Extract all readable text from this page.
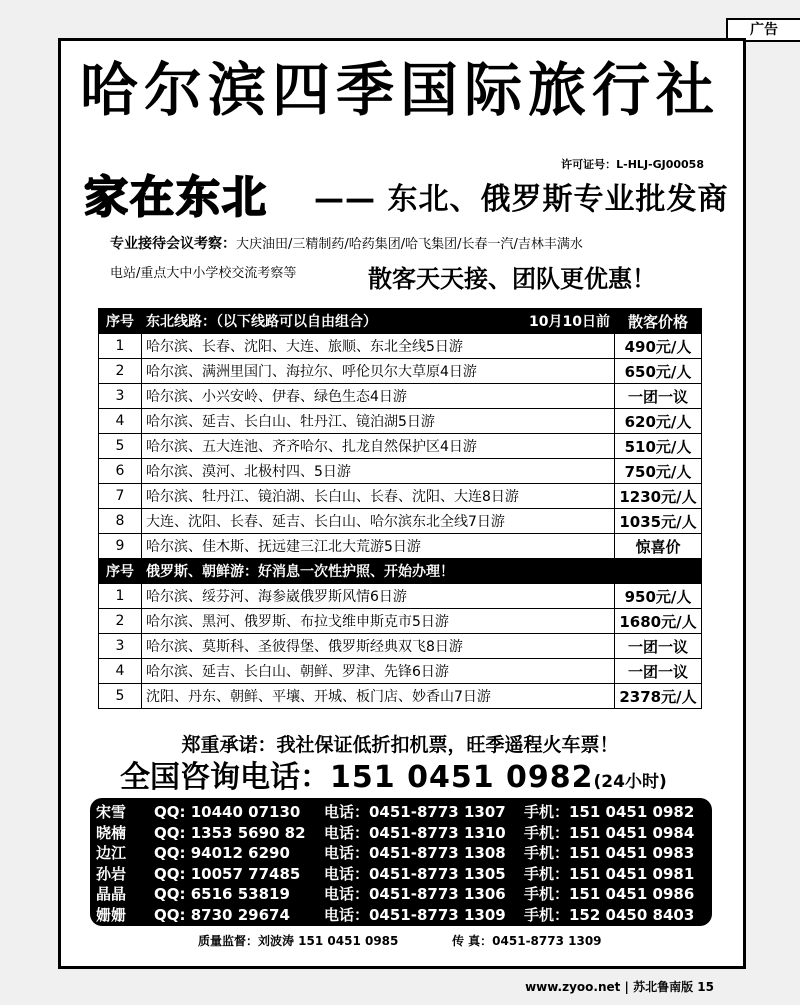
广告
哈尔滨四季国际旅行社
许可证号：L-HLJ-GJ00058
家在东北 —— 东北、俄罗斯专业批发商
专业接待会议考察：大庆油田/三精制药/哈药集团/哈飞集团/长春一汽/吉林丰满水
电站/重点大中小学校交流考察等	散客天天接、团队更优惠！
序号	东北线路：（以下线路可以自由组合） 10月10日前	散客价格
1	哈尔滨、长春、沈阳、大连、旅顺、东北全线5日游	490元/人
2	哈尔滨、满洲里国门、海拉尔、呼伦贝尔大草原4日游	650元/人
3	哈尔滨、小兴安岭、伊春、绿色生态4日游	一团一议
4	哈尔滨、延吉、长白山、牡丹江、镜泊湖5日游	620元/人
5	哈尔滨、五大连池、齐齐哈尔、扎龙自然保护区4日游	510元/人
6	哈尔滨、漠河、北极村四、5日游	750元/人
7	哈尔滨、牡丹江、镜泊湖、长白山、长春、沈阳、大连8日游	1230元/人
8	大连、沈阳、长春、延吉、长白山、哈尔滨东北全线7日游	1035元/人
9	哈尔滨、佳木斯、抚远建三江北大荒游5日游	惊喜价
序号	俄罗斯、朝鲜游：好消息一次性护照、开始办理！	
1	哈尔滨、绥芬河、海参崴俄罗斯风情6日游	950元/人
2	哈尔滨、黑河、俄罗斯、布拉戈维申斯克市5日游	1680元/人
3	哈尔滨、莫斯科、圣彼得堡、俄罗斯经典双飞8日游	一团一议
4	哈尔滨、延吉、长白山、朝鲜、罗津、先锋6日游	一团一议
5	沈阳、丹东、朝鲜、平壤、开城、板门店、妙香山7日游	2378元/人
郑重承诺：我社保证低折扣机票，旺季遥程火车票！
全国咨询电话：151 0451 0982(24小时)
宋雪 QQ: 10440 07130 电话：0451-8773 1307 手机：151 0451 0982
晓楠 QQ: 1353 5690 82 电话：0451-8773 1310 手机：151 0451 0984
边江 QQ: 94012 6290 电话：0451-8773 1308 手机：151 0451 0983
孙岩 QQ: 10057 77485 电话：0451-8773 1305 手机：151 0451 0981
晶晶 QQ: 6516 53819 电话：0451-8773 1306 手机：151 0451 0986
姗姗 QQ: 8730 29674 电话：0451-8773 1309 手机：152 0450 8403
质量监督：刘波涛 151 0451 0985	传 真：0451-8773 1309
www.zyoo.net | 苏北鲁南版 15
